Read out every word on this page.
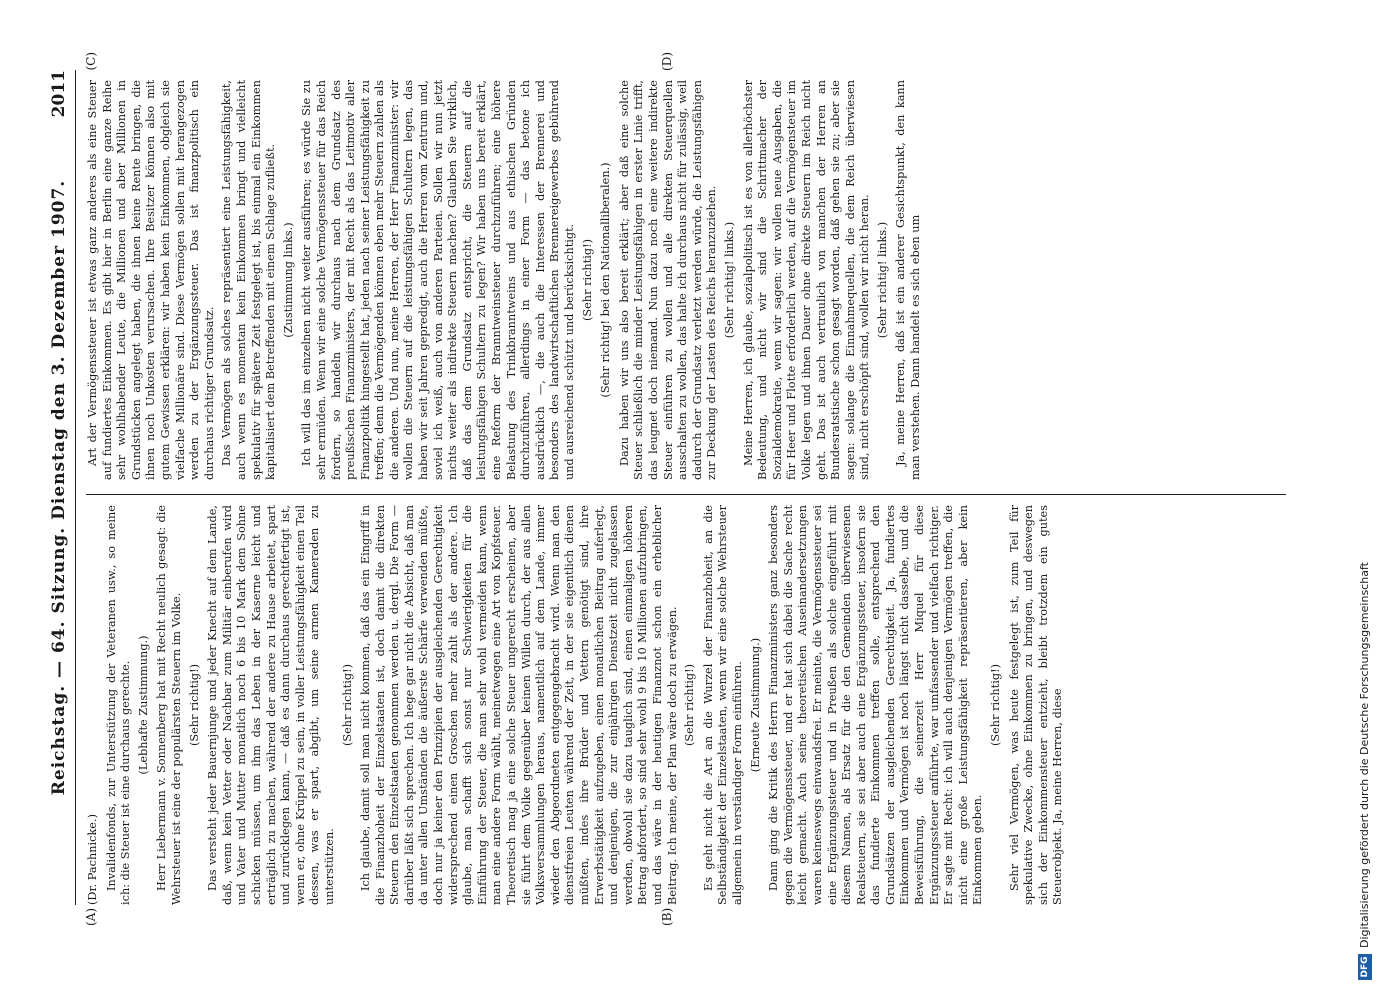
Reichstag. — 64. Sitzung. Dienstag den 3. Dezember 1907.
2011
(A)	(B)
(C)	(D)

(Dr. Pachnicke.) Invalidenfonds, zur Unterstützung der Veteranen usw., so meine ich: die Steuer ist eine durchaus gerechte. (Lebhafte Zustimmung.) Herr Liebermann v. Sonnenberg hat mit Recht neulich gesagt: die Wehrsteuer ist eine der populärsten Steuern im Volke. (Sehr richtig!) Das versteht jeder Bauernjunge und jeder Knecht auf dem Lande, daß, wenn kein Vetter oder Nachbar zum Militär einberufen wird und Vater und Mutter monatlich noch 6 bis 10 Mark dem Sohne schicken müssen, um ihm das Leben in der Kaserne leicht und erträglich zu machen, während der andere zu Hause arbeitet, spart und zurücklegen kann, — daß es dann durchaus gerechtfertigt ist, wenn er, ohne Krüppel zu sein, in voller Leistungsfähigkeit einen Teil dessen, was er spart, abgibt, um seine armen Kameraden zu unterstützen.

(Sehr richtig!) Ich glaube, damit soll man nicht kommen, daß das ein Eingriff in die Finanzhoheit der Einzelstaaten ist, doch damit die direkten Steuern den Einzelstaaten genommen werden u. dergl. Die Form — darüber läßt sich sprechen. Ich hege gar nicht die Absicht, daß man da unter allen Umständen die äußerste Schärfe verwenden müßte, doch nur ja keiner den Prinzipien der ausgleichenden Gerechtigkeit widersprechend einen Groschen mehr zahlt als der andere. Ich glaube, man schafft sich sonst nur Schwierigkeiten für die Einführung der Steuer, die man sehr wohl vermeiden kann, wenn man eine andere Form wählt, meinetwegen eine Art von Kopfsteuer. Theoretisch mag ja eine solche Steuer ungerecht erscheinen, aber sie führt dem Volke gegenüber keinen Willen durch, der aus allen Volksversammlungen heraus, namentlich auf dem Lande, immer wieder den Abgeordneten entgegengebracht wird. Wenn man den dienstfreien Leuten während der Zeit, in der sie eigentlich dienen müßten, indes ihre Brüder und Vettern genötigt sind, ihre Erwerbstätigkeit aufzugeben, einen monatlichen Beitrag auferlegt, und denjenigen, die zur einjährigen Dienstzeit nicht zugelassen werden, obwohl sie dazu tauglich sind, einen einmaligen höheren Betrag abfordert, so sind sehr wohl 9 bis 10 Millionen aufzubringen, und das wäre in der heutigen Finanznot schon ein erheblicher Beitrag. Ich meine, der Plan wäre doch zu erwägen. (Sehr richtig!) Es geht nicht die Art an die Wurzel der Finanzhoheit, an die Selbständigkeit der Einzelstaaten, wenn wir eine solche Wehrsteuer allgemein in verständiger Form einführen. (Erneute Zustimmung.) Dann ging die Kritik des Herrn Finanzministers ganz besonders gegen die Vermögenssteuer, und er hat sich dabei die Sache recht leicht gemacht. Auch seine theoretischen Auseinandersetzungen waren keineswegs einwandsfrei. Er meinte, die Vermögenssteuer sei eine Ergänzungssteuer und in Preußen als solche eingeführt mit diesem Namen, als Ersatz für die den Gemeinden überwiesenen Realsteuern, sie sei aber auch eine Ergänzungssteuer, insofern sie das fundierte Einkommen treffen solle, entsprechend den Grundsätzen der ausgleichenden Gerechtigkeit. Ja, fundiertes Einkommen und Vermögen ist noch längst nicht dasselbe, und die Beweisführung, die seinerzeit Herr Miquel für diese Ergänzungssteuer anführte, war umfassender und vielfach richtiger. Er sagte mit Recht: ich will auch denjenigen Vermögen treffen, die nicht eine große Leistungsfähigkeit repräsentieren, aber kein Einkommen geben.

(Sehr richtig!) Sehr viel Vermögen, was heute festgelegt ist, zum Teil für spekulative Zwecke, ohne Einkommen zu bringen, und deswegen sich der Einkommensteuer entzieht, bleibt trotzdem ein gutes Steuerobjekt. Ja, meine Herren, diese

Art der Vermögenssteuer ist etwas ganz anderes als eine Steuer auf fundiertes Einkommen. Es gibt hier in Berlin eine ganze Reihe sehr wohlhabender Leute, die Millionen und aber Millionen in Grundstücken angelegt haben, die ihnen keine Rente bringen, die ihnen noch Unkosten verursachen. Ihre Besitzer können also mit gutem Gewissen erklären: wir haben kein Einkommen, obgleich sie vielfache Millionäre sind. Diese Vermögen sollen mit herangezogen werden zu der Ergänzungssteuer. Das ist finanzpolitisch ein durchaus richtiger Grundsatz. Das Vermögen als solches repräsentiert eine Leistungsfähigkeit, auch wenn es momentan kein Einkommen bringt und vielleicht spekulativ für spätere Zeit festgelegt ist, bis einmal ein Einkommen kapitalisiert dem Betreffenden mit einem Schlage zufließt. (Zustimmung links.) Ich will das im einzelnen nicht weiter ausführen; es würde Sie zu sehr ermüden. Wenn wir eine solche Vermögenssteuer für das Reich fordern, so handeln wir durchaus nach dem Grundsatz des preußischen Finanzministers, der mit Recht als das Leitmotiv aller Finanzpolitik hingestellt hat, jeden nach seiner Leistungsfähigkeit zu treffen; denn die Vermögenden können eben mehr Steuern zahlen als die anderen. Und nun, meine Herren, der Herr Finanzminister: wir wollen die Steuern auf die leistungsfähigen Schultern legen, das haben wir seit Jahren gepredigt, auch die Herren vom Zentrum und, soviel ich weiß, auch von anderen Parteien. Sollen wir nun jetzt nichts weiter als indirekte Steuern machen? Glauben Sie wirklich, daß das dem Grundsatz entspricht, die Steuern auf die leistungsfähigen Schultern zu legen? Wir haben uns bereit erklärt, eine Reform der Branntweinsteuer durchzuführen; eine höhere Belastung des Trinkbranntweins und aus ethischen Gründen durchzuführen, allerdings in einer Form — das betone ich ausdrücklich —, die auch die Interessen der Brennerei und besonders des landwirtschaftlichen Brennereigewerbes gebührend und ausreichend schützt und berücksichtigt. (Sehr richtig!) (Sehr richtig! bei den Nationalliberalen.) Dazu haben wir uns also bereit erklärt; aber daß eine solche Steuer schließlich die minder Leistungsfähigen in erster Linie trifft, das leugnet doch niemand. Nun dazu noch eine weitere indirekte Steuer einführen zu wollen und alle direkten Steuerquellen ausschalten zu wollen, das halte ich durchaus nicht für zulässig, weil dadurch der Grundsatz verletzt werden würde, die Leistungsfähigen zur Deckung der Lasten des Reichs heranzuziehen. (Sehr richtig! links.) Meine Herren, ich glaube, sozialpolitisch ist es von allerhöchster Bedeutung, und nicht wir sind die Schrittmacher der Sozialdemokratie, wenn wir sagen: wir wollen neue Ausgaben, die für Heer und Flotte erforderlich werden, auf die Vermögensteuer im Volke legen und ihnen Dauer ohne direkte Steuern im Reich nicht geht. Das ist auch vertraulich von manchen der Herren an Bundesratstische schon gesagt worden, daß gehen sie zu; aber sie sagen: solange die Einnahmequellen, die dem Reich überwiesen sind, nicht erschöpft sind, wollen wir nicht heran. (Sehr richtig! links.) Ja, meine Herren, daß ist ein anderer Gesichtspunkt, den kann man verstehen. Dann handelt es sich eben um

DFG
Digitalisierung gefördert durch die Deutsche Forschungsgemeinschaft
